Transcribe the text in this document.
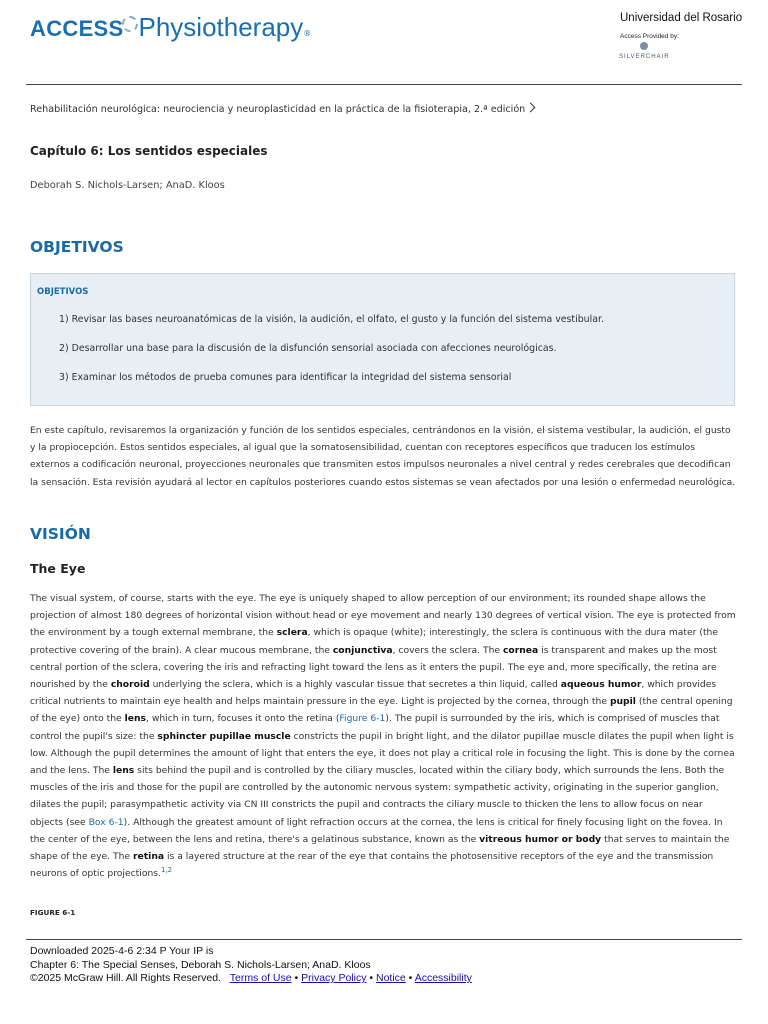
ACCESS Physiotherapy®
Universidad del Rosario
Access Provided by:
SILVERCHAIR
Rehabilitación neurológica: neurociencia y neuroplasticidad en la práctica de la fisioterapia, 2.ª edición
Capítulo 6: Los sentidos especiales
Deborah S. Nichols-Larsen; AnaD. Kloos
OBJETIVOS
OBJETIVOS
1) Revisar las bases neuroanatómicas de la visión, la audición, el olfato, el gusto y la función del sistema vestibular.
2) Desarrollar una base para la discusión de la disfunción sensorial asociada con afecciones neurológicas.
3) Examinar los métodos de prueba comunes para identificar la integridad del sistema sensorial
En este capítulo, revisaremos la organización y función de los sentidos especiales, centrándonos en la visión, el sistema vestibular, la audición, el gusto y la propiocepción. Estos sentidos especiales, al igual que la somatosensibilidad, cuentan con receptores específicos que traducen los estímulos externos a codificación neuronal, proyecciones neuronales que transmiten estos impulsos neuronales a nivel central y redes cerebrales que decodifican la sensación. Esta revisión ayudará al lector en capítulos posteriores cuando estos sistemas se vean afectados por una lesión o enfermedad neurológica.
VISIÓN
The Eye
The visual system, of course, starts with the eye. The eye is uniquely shaped to allow perception of our environment; its rounded shape allows the projection of almost 180 degrees of horizontal vision without head or eye movement and nearly 130 degrees of vertical vision. The eye is protected from the environment by a tough external membrane, the sclera, which is opaque (white); interestingly, the sclera is continuous with the dura mater (the protective covering of the brain). A clear mucous membrane, the conjunctiva, covers the sclera. The cornea is transparent and makes up the most central portion of the sclera, covering the iris and refracting light toward the lens as it enters the pupil. The eye and, more specifically, the retina are nourished by the choroid underlying the sclera, which is a highly vascular tissue that secretes a thin liquid, called aqueous humor, which provides critical nutrients to maintain eye health and helps maintain pressure in the eye. Light is projected by the cornea, through the pupil (the central opening of the eye) onto the lens, which in turn, focuses it onto the retina (Figure 6-1). The pupil is surrounded by the iris, which is comprised of muscles that control the pupil's size: the sphincter pupillae muscle constricts the pupil in bright light, and the dilator pupillae muscle dilates the pupil when light is low. Although the pupil determines the amount of light that enters the eye, it does not play a critical role in focusing the light. This is done by the cornea and the lens. The lens sits behind the pupil and is controlled by the ciliary muscles, located within the ciliary body, which surrounds the lens. Both the muscles of the iris and those for the pupil are controlled by the autonomic nervous system: sympathetic activity, originating in the superior ganglion, dilates the pupil; parasympathetic activity via CN III constricts the pupil and contracts the ciliary muscle to thicken the lens to allow focus on near objects (see Box 6-1). Although the greatest amount of light refraction occurs at the cornea, the lens is critical for finely focusing light on the fovea. In the center of the eye, between the lens and retina, there's a gelatinous substance, known as the vitreous humor or body that serves to maintain the shape of the eye. The retina is a layered structure at the rear of the eye that contains the photosensitive receptors of the eye and the transmission neurons of optic projections.$^{1,2}$
FIGURE 6-1
Downloaded 2025-4-6 2:34 P Your IP is
Chapter 6: The Special Senses, Deborah S. Nichols-Larsen; AnaD. Kloos
©2025 McGraw Hill. All Rights Reserved. Terms of Use • Privacy Policy • Notice • Accessibility
